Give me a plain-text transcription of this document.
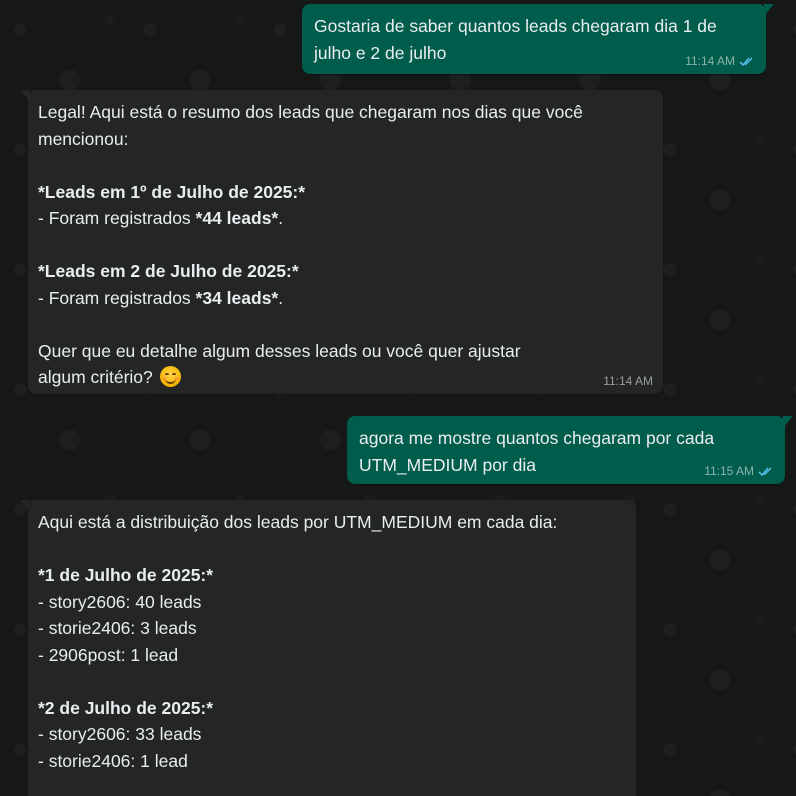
Gostaria de saber quantos leads chegaram dia 1 de
julho e 2 de julho	11:14 AM
Legal! Aqui está o resumo dos leads que chegaram nos dias que você
mencionou:
*Leads em 1º de Julho de 2025:*
- Foram registrados *44 leads*.
*Leads em 2 de Julho de 2025:*
- Foram registrados *34 leads*.
Quer que eu detalhe algum desses leads ou você quer ajustar
algum critério?	11:14 AM
agora me mostre quantos chegaram por cada
UTM_MEDIUM por dia	11:15 AM
Aqui está a distribuição dos leads por UTM_MEDIUM em cada dia:
*1 de Julho de 2025:*
- story2606: 40 leads
- storie2406: 3 leads
- 2906post: 1 lead
*2 de Julho de 2025:*
- story2606: 33 leads
- storie2406: 1 lead
